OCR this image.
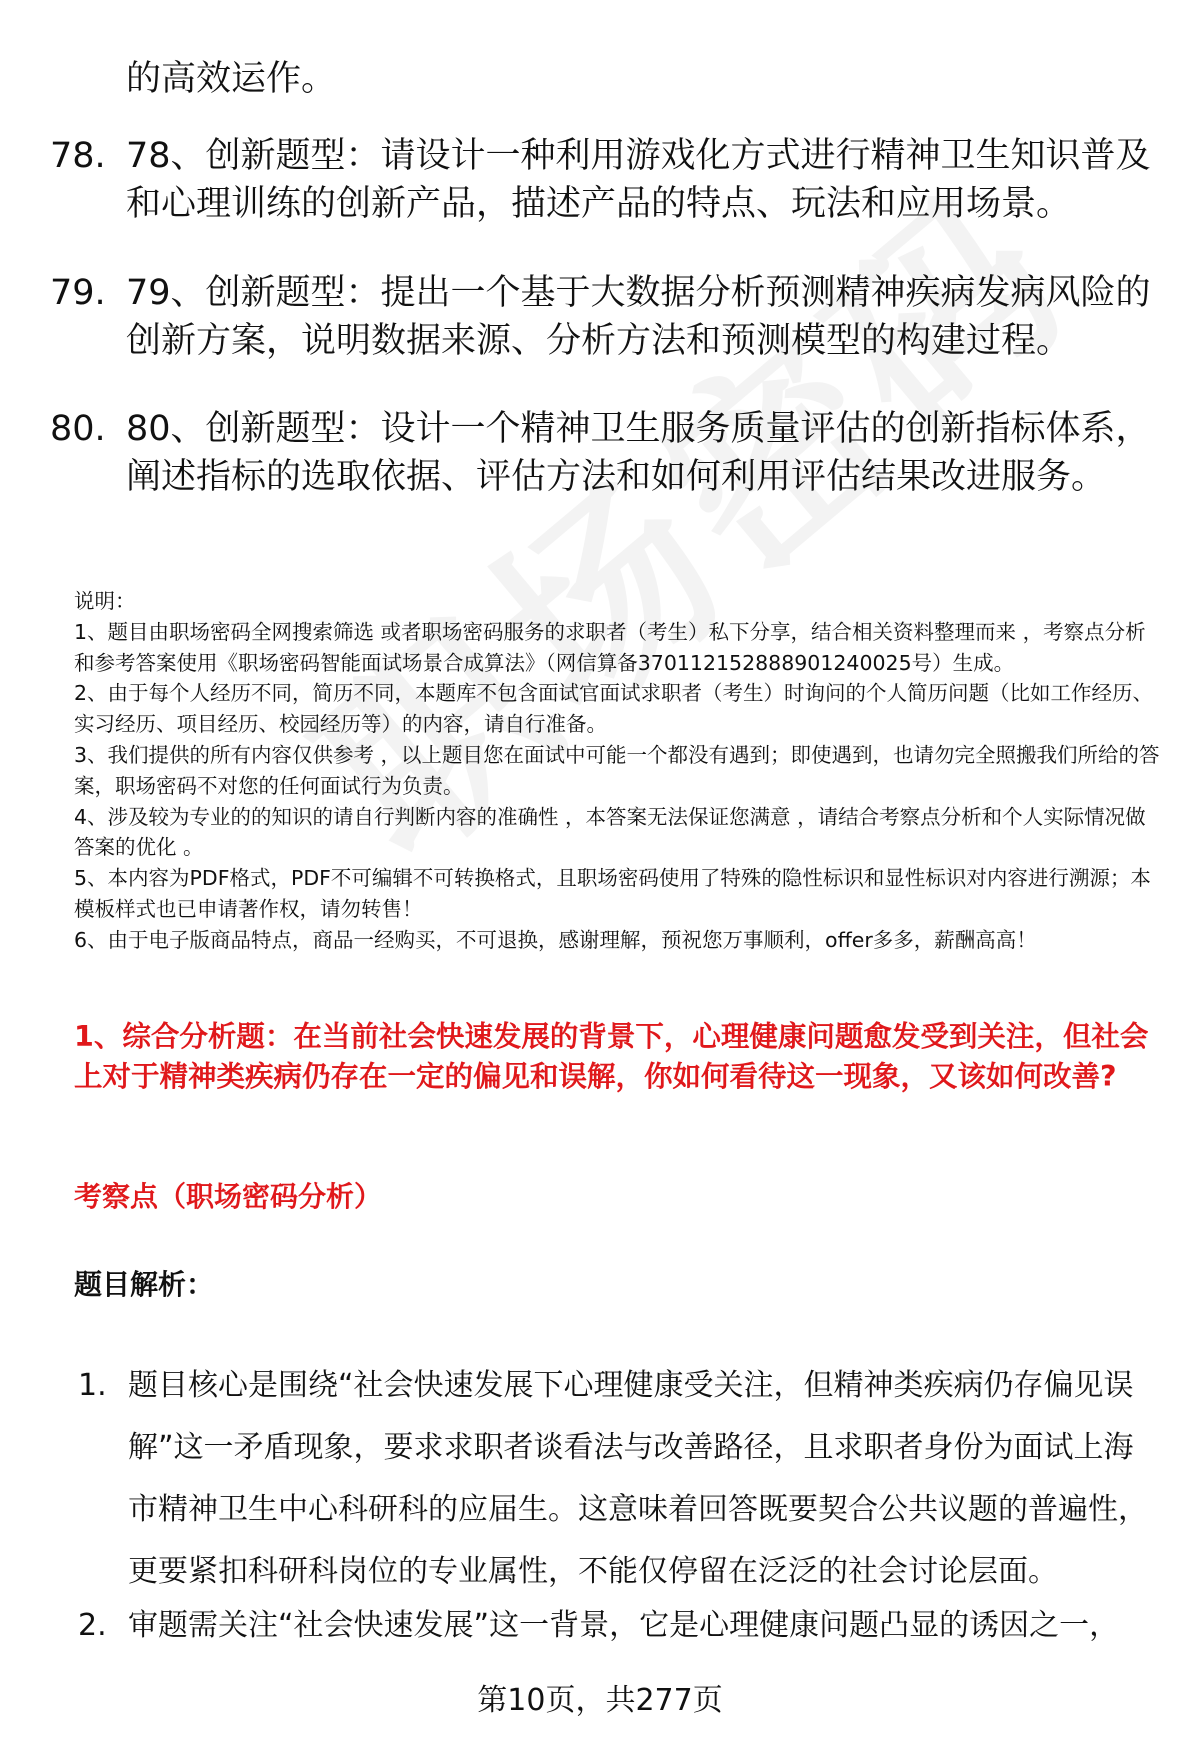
的高效运作。
78. 78、创新题型：请设计一种利用游戏化方式进行精神卫生知识普及和心理训练的创新产品，描述产品的特点、玩法和应用场景。
79. 79、创新题型：提出一个基于大数据分析预测精神疾病发病风险的创新方案，说明数据来源、分析方法和预测模型的构建过程。
80. 80、创新题型：设计一个精神卫生服务质量评估的创新指标体系，阐述指标的选取依据、评估方法和如何利用评估结果改进服务。

说明：

1、题目由职场密码全网搜索筛选 或者职场密码服务的求职者（考生）私下分享，结合相关资料整理而来 ，考察点分析和参考答案使用《职场密码智能面试场景合成算法》（网信算备370112152888901240025号）生成。

2、由于每个人经历不同，简历不同，本题库不包含面试官面试求职者（考生）时询问的个人简历问题（比如工作经历、实习经历、项目经历、校园经历等）的内容，请自行准备。

3、我们提供的所有内容仅供参考 ，以上题目您在面试中可能一个都没有遇到；即使遇到，也请勿完全照搬我们所给的答案，职场密码不对您的任何面试行为负责。

4、涉及较为专业的的知识的请自行判断内容的准确性 ，本答案无法保证您满意 ，请结合考察点分析和个人实际情况做答案的优化 。

5、本内容为PDF格式，PDF不可编辑不可转换格式，且职场密码使用了特殊的隐性标识和显性标识对内容进行溯源；本模板样式也已申请著作权，请勿转售！

6、由于电子版商品特点，商品一经购买，不可退换，感谢理解，预祝您万事顺利，offer多多，薪酬高高！

1、综合分析题：在当前社会快速发展的背景下，心理健康问题愈发受到关注，但社会上对于精神类疾病仍存在一定的偏见和误解，你如何看待这一现象，又该如何改善?
考察点（职场密码分析）
题目解析：
1. 题目核心是围绕“社会快速发展下心理健康受关注，但精神类疾病仍存偏见误解”这一矛盾现象，要求求职者谈看法与改善路径，且求职者身份为面试上海市精神卫生中心科研科的应届生。这意味着回答既要契合公共议题的普遍性，更要紧扣科研科岗位的专业属性，不能仅停留在泛泛的社会讨论层面。
2. 审题需关注“社会快速发展”这一背景，它是心理健康问题凸显的诱因之一，
第10页，共277页
